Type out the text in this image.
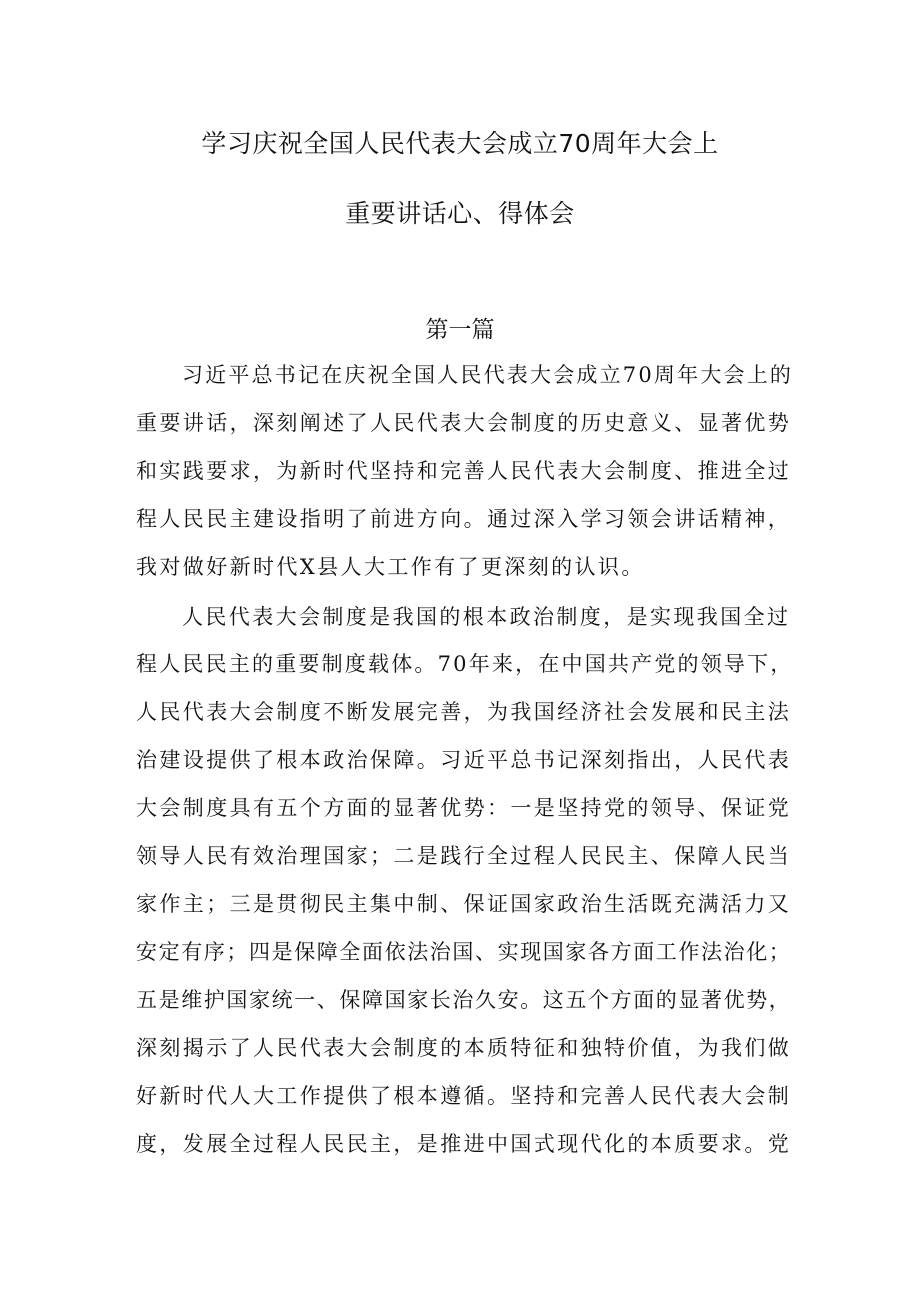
学习庆祝全国人民代表大会成立70周年大会上
重要讲话心、得体会
第一篇
习近平总书记在庆祝全国人民代表大会成立70周年大会上的
重要讲话，深刻阐述了人民代表大会制度的历史意义、显著优势
和实践要求，为新时代坚持和完善人民代表大会制度、推进全过
程人民民主建设指明了前进方向。通过深入学习领会讲话精神，
我对做好新时代X县人大工作有了更深刻的认识。
人民代表大会制度是我国的根本政治制度，是实现我国全过
程人民民主的重要制度载体。70年来，在中国共产党的领导下，
人民代表大会制度不断发展完善，为我国经济社会发展和民主法
治建设提供了根本政治保障。习近平总书记深刻指出，人民代表
大会制度具有五个方面的显著优势：一是坚持党的领导、保证党
领导人民有效治理国家；二是践行全过程人民民主、保障人民当
家作主；三是贯彻民主集中制、保证国家政治生活既充满活力又
安定有序；四是保障全面依法治国、实现国家各方面工作法治化；
五是维护国家统一、保障国家长治久安。这五个方面的显著优势，
深刻揭示了人民代表大会制度的本质特征和独特价值，为我们做
好新时代人大工作提供了根本遵循。坚持和完善人民代表大会制
度，发展全过程人民民主，是推进中国式现代化的本质要求。党
